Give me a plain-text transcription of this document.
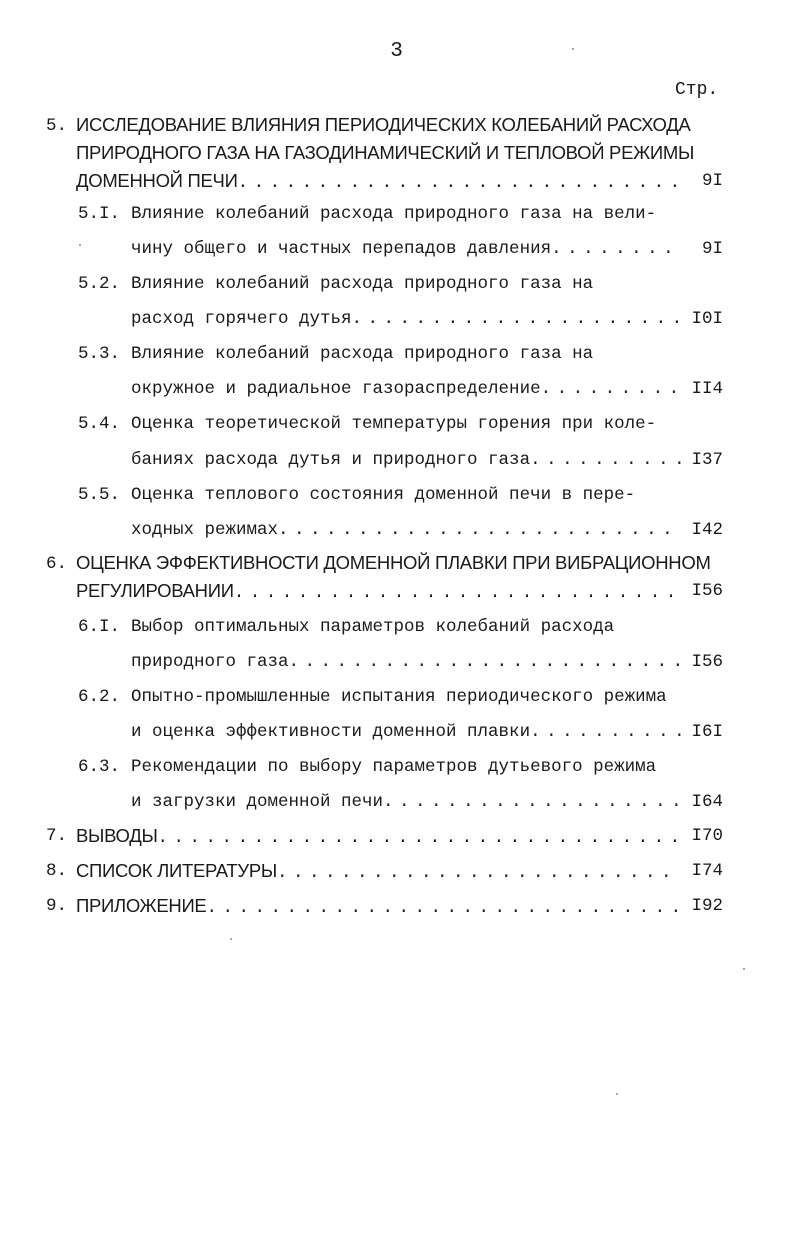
3
Стр.
5. ИССЛЕДОВАНИЕ ВЛИЯНИЯ ПЕРИОДИЧЕСКИХ КОЛЕБАНИЙ РАСХОДА
ПРИРОДНОГО ГАЗА НА ГАЗОДИНАМИЧЕСКИЙ И ТЕПЛОВОЙ РЕЖИМЫ
ДОМЕННОЙ ПЕЧИ . . .	9I
5.I. Влияние колебаний расхода природного газа на вели-
чину общего и частных перепадов давления . . .	9I
5.2. Влияние колебаний расхода природного газа на
расход горячего дутья . . .	I0I
5.3. Влияние колебаний расхода природного газа на
окружное и радиальное газораспределение . . .	II4
5.4. Оценка теоретической температуры горения при коле-
баниях расхода дутья и природного газа . . .	I37
5.5. Оценка теплового состояния доменной печи в пере-
ходных режимах . . .	I42
6. ОЦЕНКА ЭФФЕКТИВНОСТИ ДОМЕННОЙ ПЛАВКИ ПРИ ВИБРАЦИОННОМ
РЕГУЛИРОВАНИИ . . .	I56
6.I. Выбор оптимальных параметров колебаний расхода
природного газа . . .	I56
6.2. Опытно-промышленные испытания периодического режима
и оценка эффективности доменной плавки . . .	I6I
6.3. Рекомендации по выбору параметров дутьевого режима
и загрузки доменной печи . . .	I64
7. ВЫВОДЫ . . .	I70
8. СПИСОК ЛИТЕРАТУРЫ . . .	I74
9. ПРИЛОЖЕНИЕ . . .	I92
